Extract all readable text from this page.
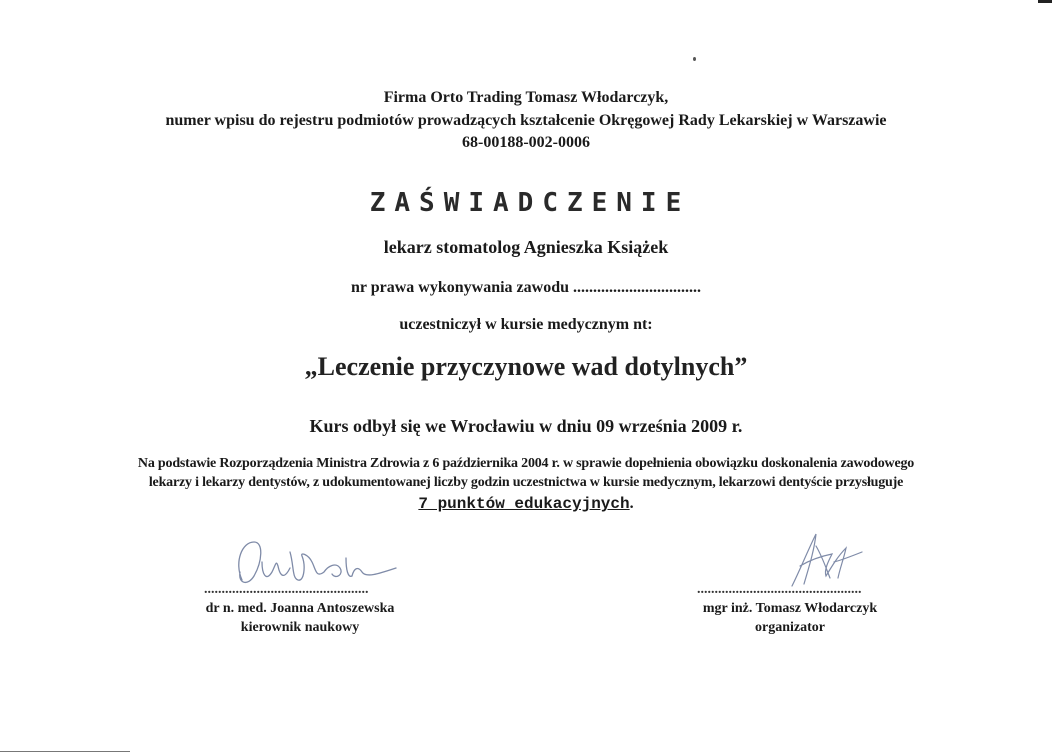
Firma Orto Trading Tomasz Włodarczyk,
numer wpisu do rejestru podmiotów prowadzących kształcenie Okręgowej Rady Lekarskiej w Warszawie
68-00188-002-0006
ZAŚWIADCZENIE
lekarz stomatolog Agnieszka Książek
nr prawa wykonywania zawodu ................................
uczestniczył w kursie medycznym nt:
„Leczenie przyczynowe wad dotylnych”
Kurs odbył się we Wrocławiu w dniu 09 września 2009 r.
Na podstawie Rozporządzenia Ministra Zdrowia z 6 października 2004 r. w sprawie dopełnienia obowiązku doskonalenia zawodowego
lekarzy i lekarzy dentystów, z udokumentowanej liczby godzin uczestnictwa w kursie medycznym, lekarzowi dentyście przysługuje
7 punktów edukacyjnych.
...............................................
dr n. med. Joanna Antoszewska
kierownik naukowy
...............................................
mgr inż. Tomasz Włodarczyk
organizator
